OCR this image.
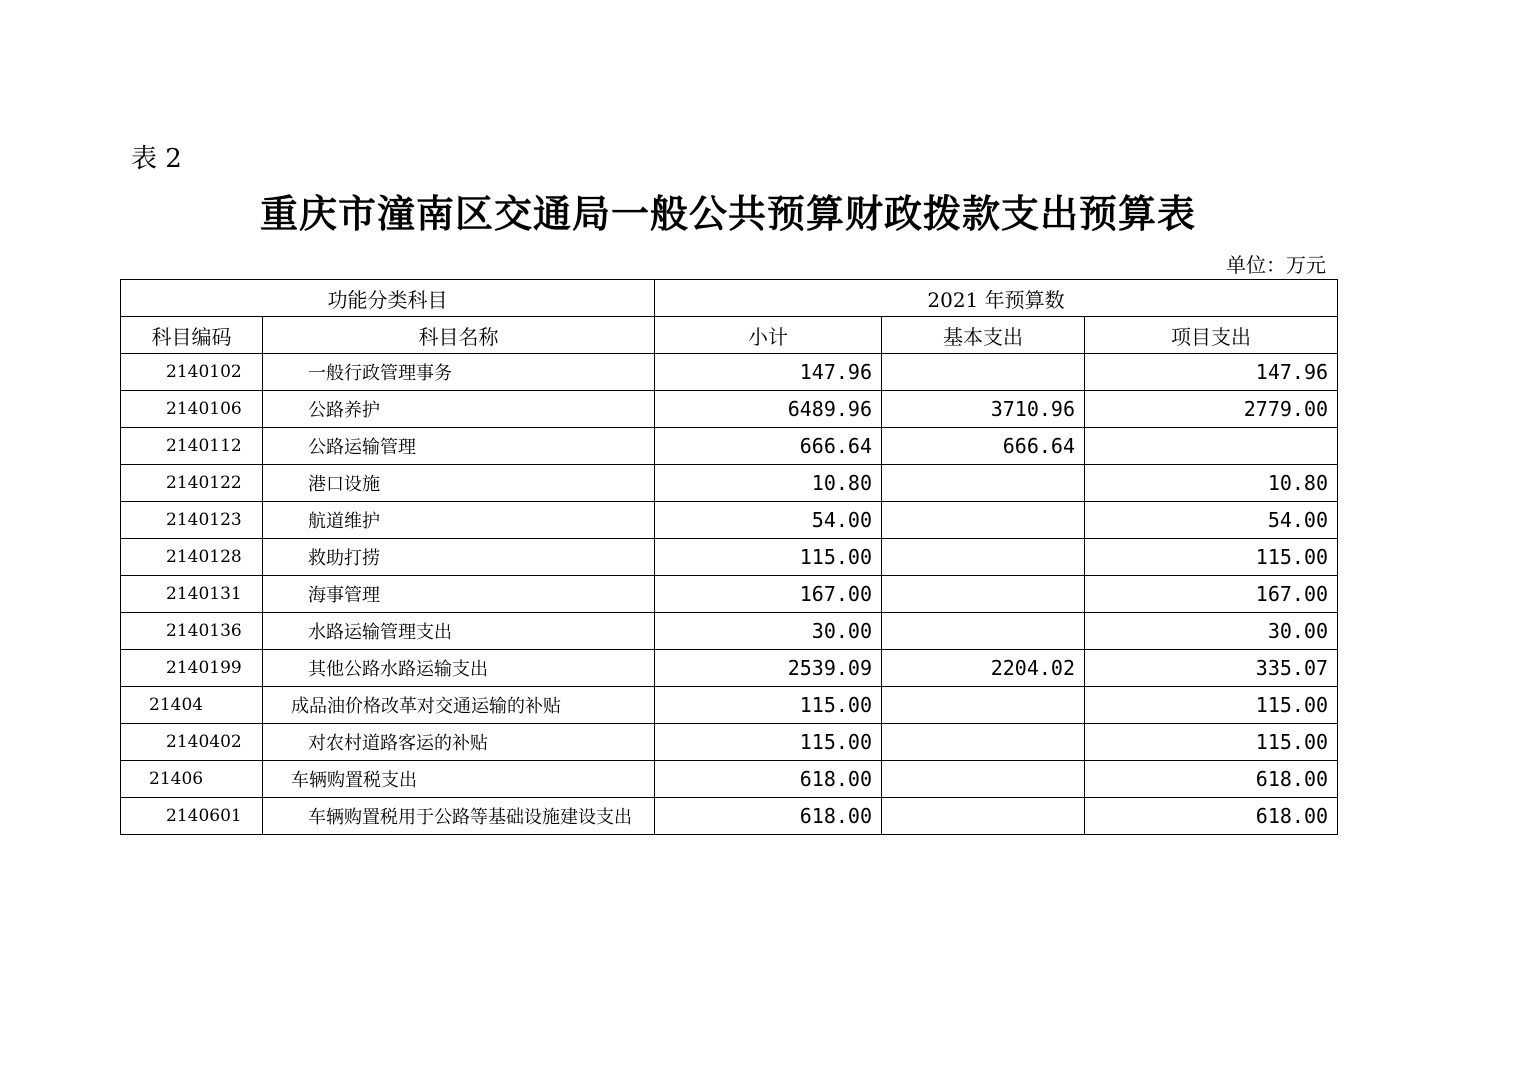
表 2
重庆市潼南区交通局一般公共预算财政拨款支出预算表
单位：万元
功能分类科目		2021 年预算数		
科目编码	科目名称	小计	基本支出	项目支出
2140102	一般行政管理事务	147.96		147.96
2140106	公路养护	6489.96	3710.96	2779.00
2140112	公路运输管理	666.64	666.64	
2140122	港口设施	10.80		10.80
2140123	航道维护	54.00		54.00
2140128	救助打捞	115.00		115.00
2140131	海事管理	167.00		167.00
2140136	水路运输管理支出	30.00		30.00
2140199	其他公路水路运输支出	2539.09	2204.02	335.07
21404	成品油价格改革对交通运输的补贴	115.00		115.00
2140402	对农村道路客运的补贴	115.00		115.00
21406	车辆购置税支出	618.00		618.00
2140601	车辆购置税用于公路等基础设施建设支出	618.00		618.00
